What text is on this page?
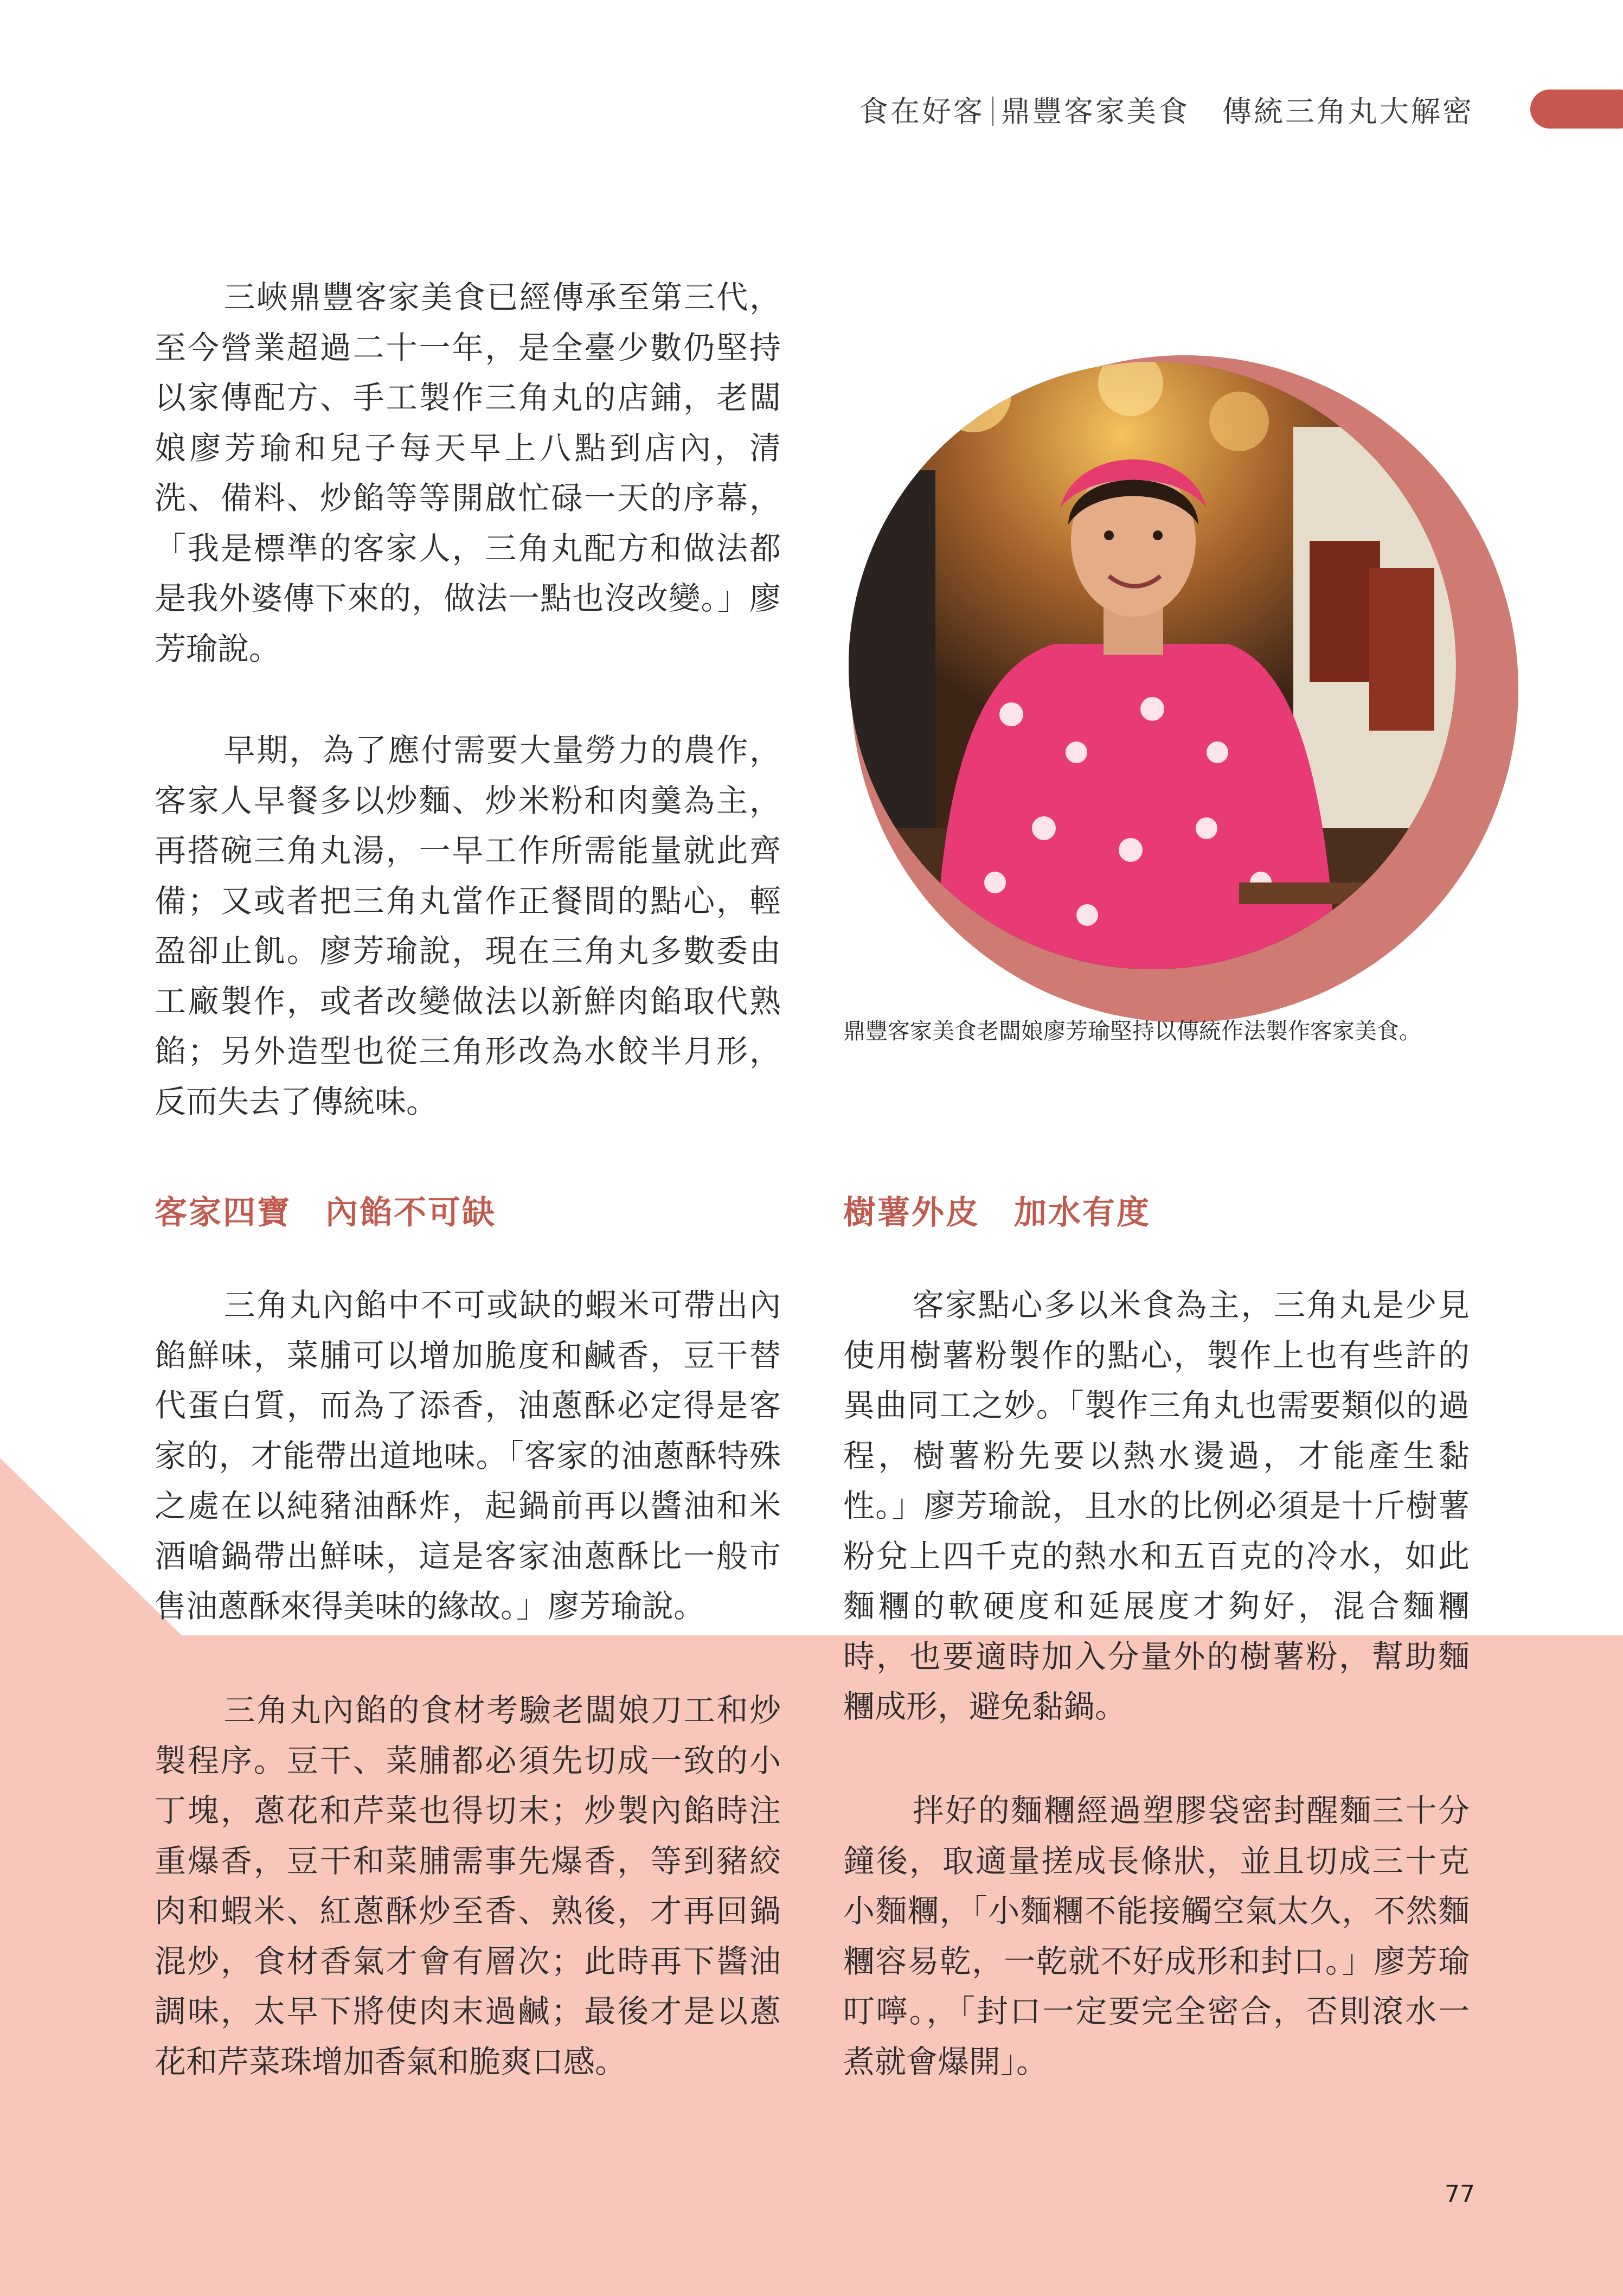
食在好客 鼎豐客家美食 傳統三角丸大解密

三峽鼎豐客家美食已經傳承至第三代，至今營業超過二十一年，是全臺少數仍堅持以家傳配方、手工製作三角丸的店鋪，老闆娘廖芳瑜和兒子每天早上八點到店內，清洗、備料、炒餡等等開啟忙碌一天的序幕，「我是標準的客家人，三角丸配方和做法都是我外婆傳下來的，做法一點也沒改變。」廖芳瑜說。

早期，為了應付需要大量勞力的農作，客家人早餐多以炒麵、炒米粉和肉羹為主，再搭碗三角丸湯，一早工作所需能量就此齊備；又或者把三角丸當作正餐間的點心，輕盈卻止飢。廖芳瑜說，現在三角丸多數委由工廠製作，或者改變做法以新鮮肉餡取代熟餡；另外造型也從三角形改為水餃半月形，反而失去了傳統味。

客家四寶　內餡不可缺

三角丸內餡中不可或缺的蝦米可帶出內餡鮮味，菜脯可以增加脆度和鹹香，豆干替代蛋白質，而為了添香，油蔥酥必定得是客家的，才能帶出道地味。「客家的油蔥酥特殊之處在以純豬油酥炸，起鍋前再以醬油和米酒嗆鍋帶出鮮味，這是客家油蔥酥比一般市售油蔥酥來得美味的緣故。」廖芳瑜說。

三角丸內餡的食材考驗老闆娘刀工和炒製程序。豆干、菜脯都必須先切成一致的小丁塊，蔥花和芹菜也得切末；炒製內餡時注重爆香，豆干和菜脯需事先爆香，等到豬絞肉和蝦米、紅蔥酥炒至香、熟後，才再回鍋混炒，食材香氣才會有層次；此時再下醬油調味，太早下將使肉末過鹹；最後才是以蔥花和芹菜珠增加香氣和脆爽口感。

鼎豐客家美食老闆娘廖芳瑜堅持以傳統作法製作客家美食。
樹薯外皮　加水有度

客家點心多以米食為主，三角丸是少見使用樹薯粉製作的點心，製作上也有些許的異曲同工之妙。「製作三角丸也需要類似的過程，樹薯粉先要以熱水燙過，才能產生黏性。」廖芳瑜說，且水的比例必須是十斤樹薯粉兌上四千克的熱水和五百克的冷水，如此麵糰的軟硬度和延展度才夠好，混合麵糰時，也要適時加入分量外的樹薯粉，幫助麵糰成形，避免黏鍋。

拌好的麵糰經過塑膠袋密封醒麵三十分鐘後，取適量搓成長條狀，並且切成三十克小麵糰，「小麵糰不能接觸空氣太久，不然麵糰容易乾，一乾就不好成形和封口。」廖芳瑜叮嚀。，「封口一定要完全密合，否則滾水一煮就會爆開」。

77
